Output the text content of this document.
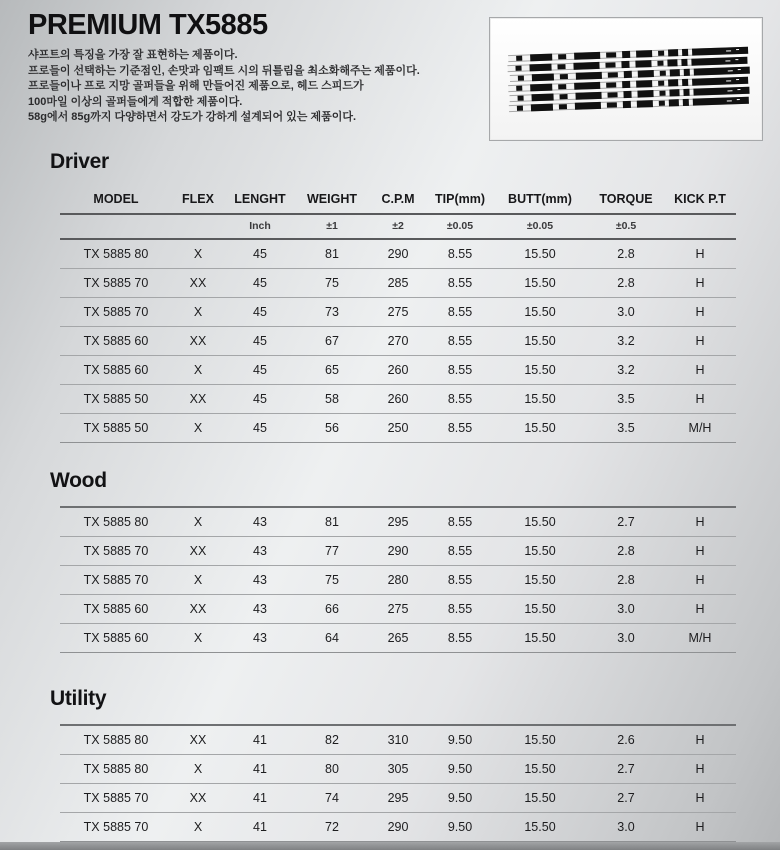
PREMIUM TX5885
샤프트의 특징을 가장 잘 표현하는 제품이다.
프로들이 선택하는 기준점인, 손맛과 임팩트 시의 뒤틀림을 최소화해주는 제품이다.
프로들이나 프로 지망 골퍼들을 위해 만들어진 제품으로, 헤드 스피드가
100마일 이상의 골퍼들에게 적합한 제품이다.
58g에서 85g까지 다양하면서 강도가 강하게 설계되어 있는 제품이다.
Driver
MODEL	FLEX	LENGHT	WEIGHT	C.P.M	TIP(mm)	BUTT(mm)	TORQUE	KICK P.T
		Inch	±1	±2	±0.05	±0.05	±0.5	
TX 5885 80	X	45	81	290	8.55	15.50	2.8	H
TX 5885 70	XX	45	75	285	8.55	15.50	2.8	H
TX 5885 70	X	45	73	275	8.55	15.50	3.0	H
TX 5885 60	XX	45	67	270	8.55	15.50	3.2	H
TX 5885 60	X	45	65	260	8.55	15.50	3.2	H
TX 5885 50	XX	45	58	260	8.55	15.50	3.5	H
TX 5885 50	X	45	56	250	8.55	15.50	3.5	M/H
Wood
TX 5885 80	X	43	81	295	8.55	15.50	2.7	H
TX 5885 70	XX	43	77	290	8.55	15.50	2.8	H
TX 5885 70	X	43	75	280	8.55	15.50	2.8	H
TX 5885 60	XX	43	66	275	8.55	15.50	3.0	H
TX 5885 60	X	43	64	265	8.55	15.50	3.0	M/H
Utility
TX 5885 80	XX	41	82	310	9.50	15.50	2.6	H
TX 5885 80	X	41	80	305	9.50	15.50	2.7	H
TX 5885 70	XX	41	74	295	9.50	15.50	2.7	H
TX 5885 70	X	41	72	290	9.50	15.50	3.0	H
